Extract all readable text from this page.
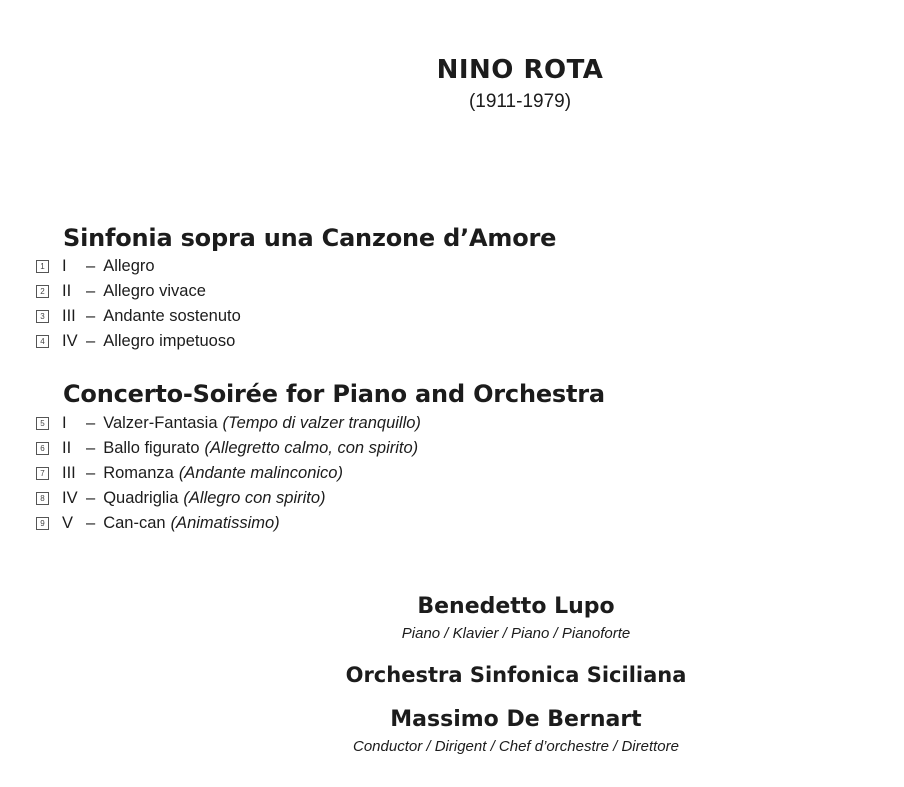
NINO ROTA
(1911-1979)
Sinfonia sopra una Canzone d’Amore
1 I	– Allegro
2 II – Allegro vivace
3 III – Andante sostenuto
4 IV – Allegro impetuoso
Concerto-Soirée for Piano and Orchestra
5 I	– Valzer-Fantasia (Tempo di valzer tranquillo)
6 II – Ballo figurato (Allegretto calmo, con spirito)
7 III – Romanza (Andante malinconico)
8 IV – Quadriglia (Allegro con spirito)
9 V – Can-can (Animatissimo)
Benedetto Lupo
Piano / Klavier / Piano / Pianoforte
Orchestra Sinfonica Siciliana
Massimo De Bernart
Conductor / Dirigent / Chef d’orchestre / Direttore
